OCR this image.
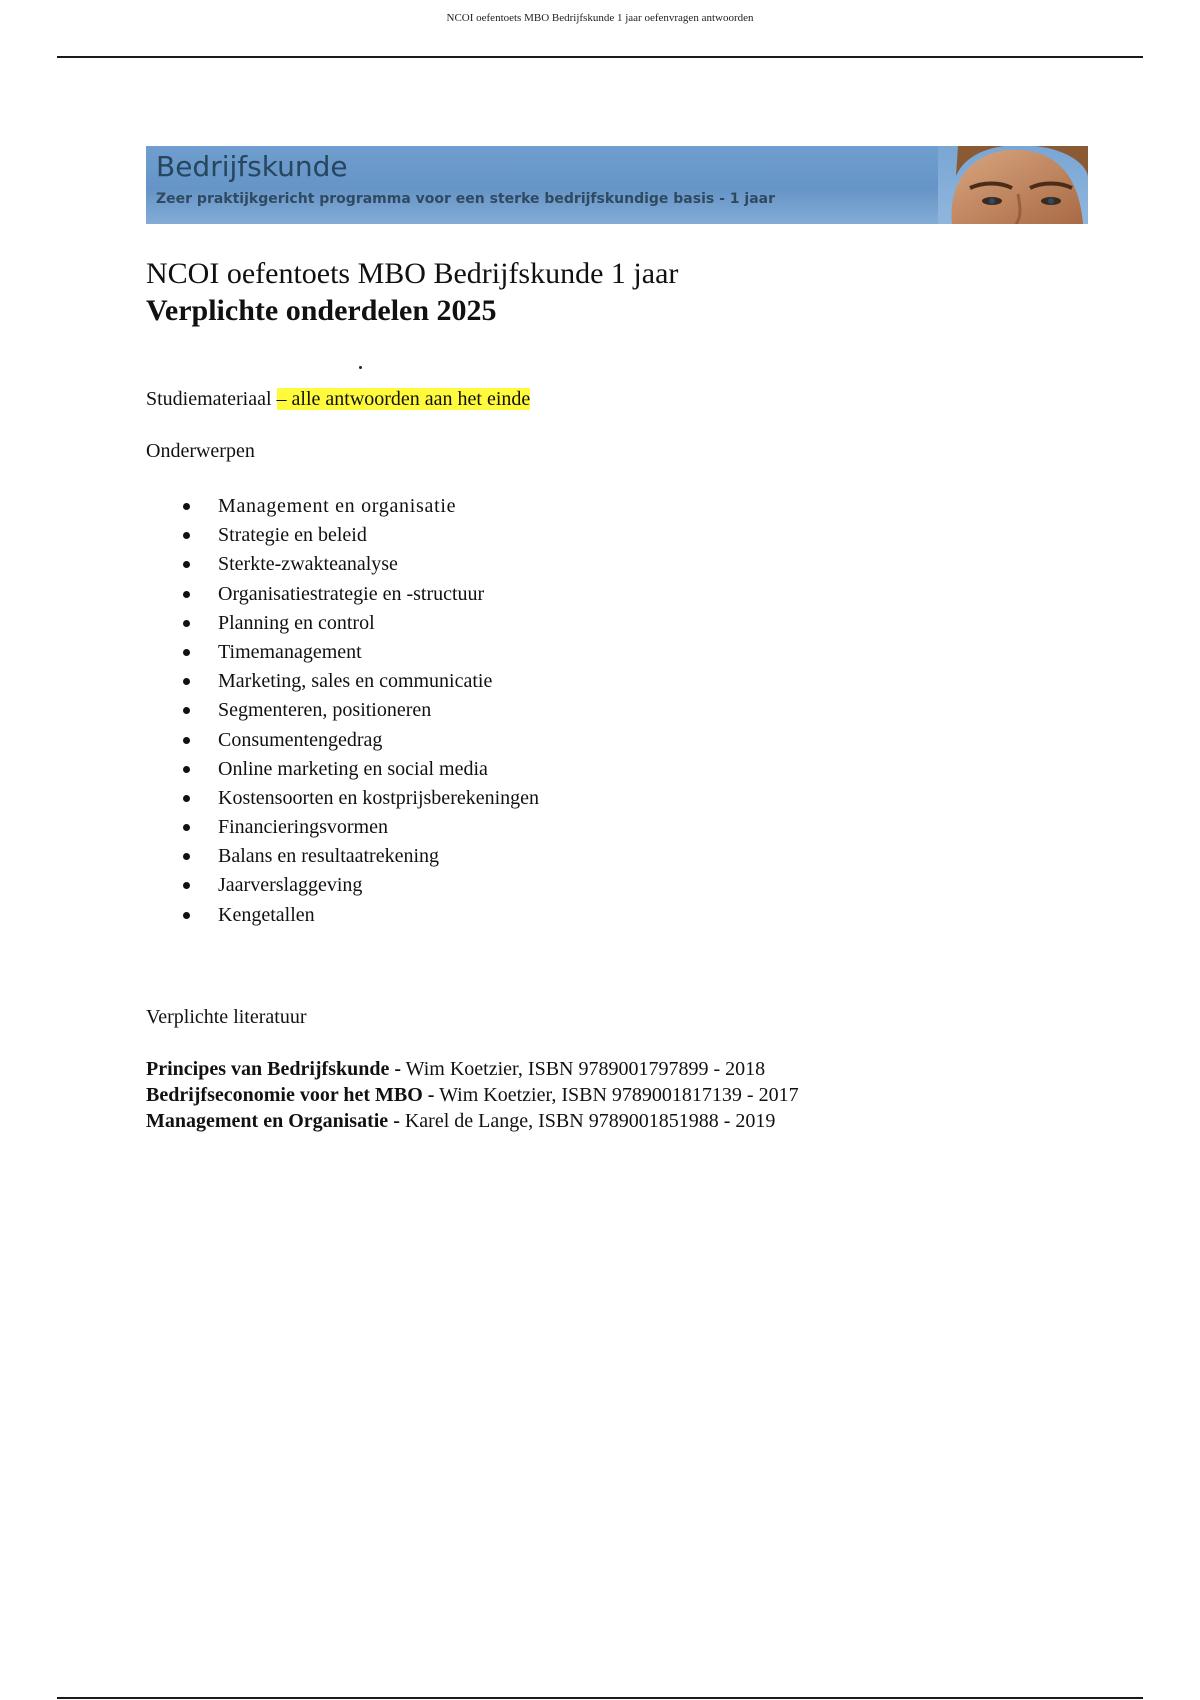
NCOI oefentoets MBO Bedrijfskunde 1 jaar oefenvragen antwoorden
Bedrijfskunde
Zeer praktijkgericht programma voor een sterke bedrijfskundige basis - 1 jaar
NCOI oefentoets MBO Bedrijfskunde 1 jaar
Verplichte onderdelen 2025
Studiemateriaal – alle antwoorden aan het einde
Onderwerpen
Management en organisatie
Strategie en beleid
Sterkte-zwakteanalyse
Organisatiestrategie en -structuur
Planning en control
Timemanagement
Marketing, sales en communicatie
Segmenteren, positioneren
Consumentengedrag
Online marketing en social media
Kostensoorten en kostprijsberekeningen
Financieringsvormen
Balans en resultaatrekening
Jaarverslaggeving
Kengetallen
Verplichte literatuur
Principes van Bedrijfskunde - Wim Koetzier, ISBN 9789001797899 - 2018
Bedrijfseconomie voor het MBO - Wim Koetzier, ISBN 9789001817139 - 2017
Management en Organisatie - Karel de Lange, ISBN 9789001851988 - 2019
